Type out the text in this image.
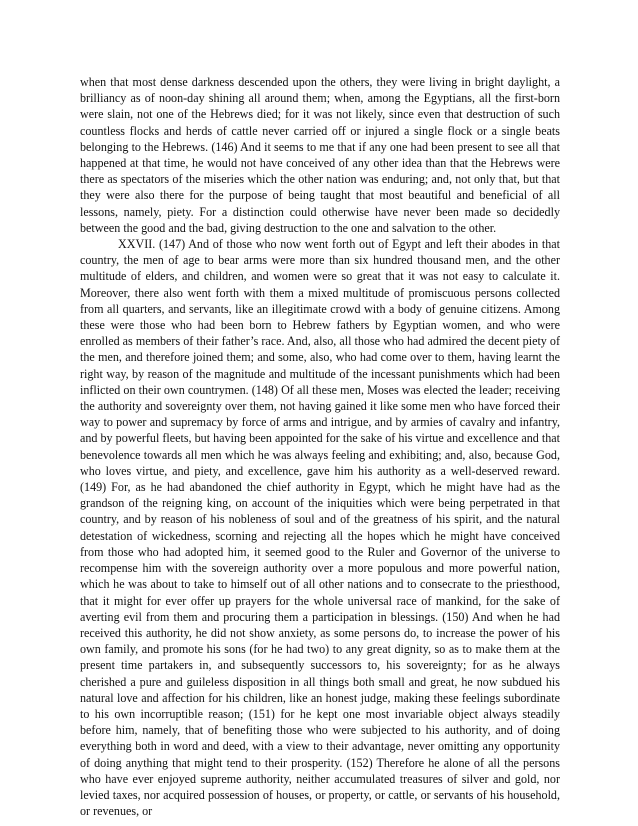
when that most dense darkness descended upon the others, they were living in bright daylight, a brilliancy as of noon-day shining all around them; when, among the Egyptians, all the first-born were slain, not one of the Hebrews died; for it was not likely, since even that destruction of such countless flocks and herds of cattle never carried off or injured a single flock or a single beats belonging to the Hebrews. (146) And it seems to me that if any one had been present to see all that happened at that time, he would not have conceived of any other idea than that the Hebrews were there as spectators of the miseries which the other nation was enduring; and, not only that, but that they were also there for the purpose of being taught that most beautiful and beneficial of all lessons, namely, piety. For a distinction could otherwise have never been made so decidedly between the good and the bad, giving destruction to the one and salvation to the other.

XXVII. (147) And of those who now went forth out of Egypt and left their abodes in that country, the men of age to bear arms were more than six hundred thousand men, and the other multitude of elders, and children, and women were so great that it was not easy to calculate it. Moreover, there also went forth with them a mixed multitude of promiscuous persons collected from all quarters, and servants, like an illegitimate crowd with a body of genuine citizens. Among these were those who had been born to Hebrew fathers by Egyptian women, and who were enrolled as members of their father’s race. And, also, all those who had admired the decent piety of the men, and therefore joined them; and some, also, who had come over to them, having learnt the right way, by reason of the magnitude and multitude of the incessant punishments which had been inflicted on their own countrymen. (148) Of all these men, Moses was elected the leader; receiving the authority and sovereignty over them, not having gained it like some men who have forced their way to power and supremacy by force of arms and intrigue, and by armies of cavalry and infantry, and by powerful fleets, but having been appointed for the sake of his virtue and excellence and that benevolence towards all men which he was always feeling and exhibiting; and, also, because God, who loves virtue, and piety, and excellence, gave him his authority as a well-deserved reward. (149) For, as he had abandoned the chief authority in Egypt, which he might have had as the grandson of the reigning king, on account of the iniquities which were being perpetrated in that country, and by reason of his nobleness of soul and of the greatness of his spirit, and the natural detestation of wickedness, scorning and rejecting all the hopes which he might have conceived from those who had adopted him, it seemed good to the Ruler and Governor of the universe to recompense him with the sovereign authority over a more populous and more powerful nation, which he was about to take to himself out of all other nations and to consecrate to the priesthood, that it might for ever offer up prayers for the whole universal race of mankind, for the sake of averting evil from them and procuring them a participation in blessings. (150) And when he had received this authority, he did not show anxiety, as some persons do, to increase the power of his own family, and promote his sons (for he had two) to any great dignity, so as to make them at the present time partakers in, and subsequently successors to, his sovereignty; for as he always cherished a pure and guileless disposition in all things both small and great, he now subdued his natural love and affection for his children, like an honest judge, making these feelings subordinate to his own incorruptible reason; (151) for he kept one most invariable object always steadily before him, namely, that of benefiting those who were subjected to his authority, and of doing everything both in word and deed, with a view to their advantage, never omitting any opportunity of doing anything that might tend to their prosperity. (152) Therefore he alone of all the persons who have ever enjoyed supreme authority, neither accumulated treasures of silver and gold, nor levied taxes, nor acquired possession of houses, or property, or cattle, or servants of his household, or revenues, or
